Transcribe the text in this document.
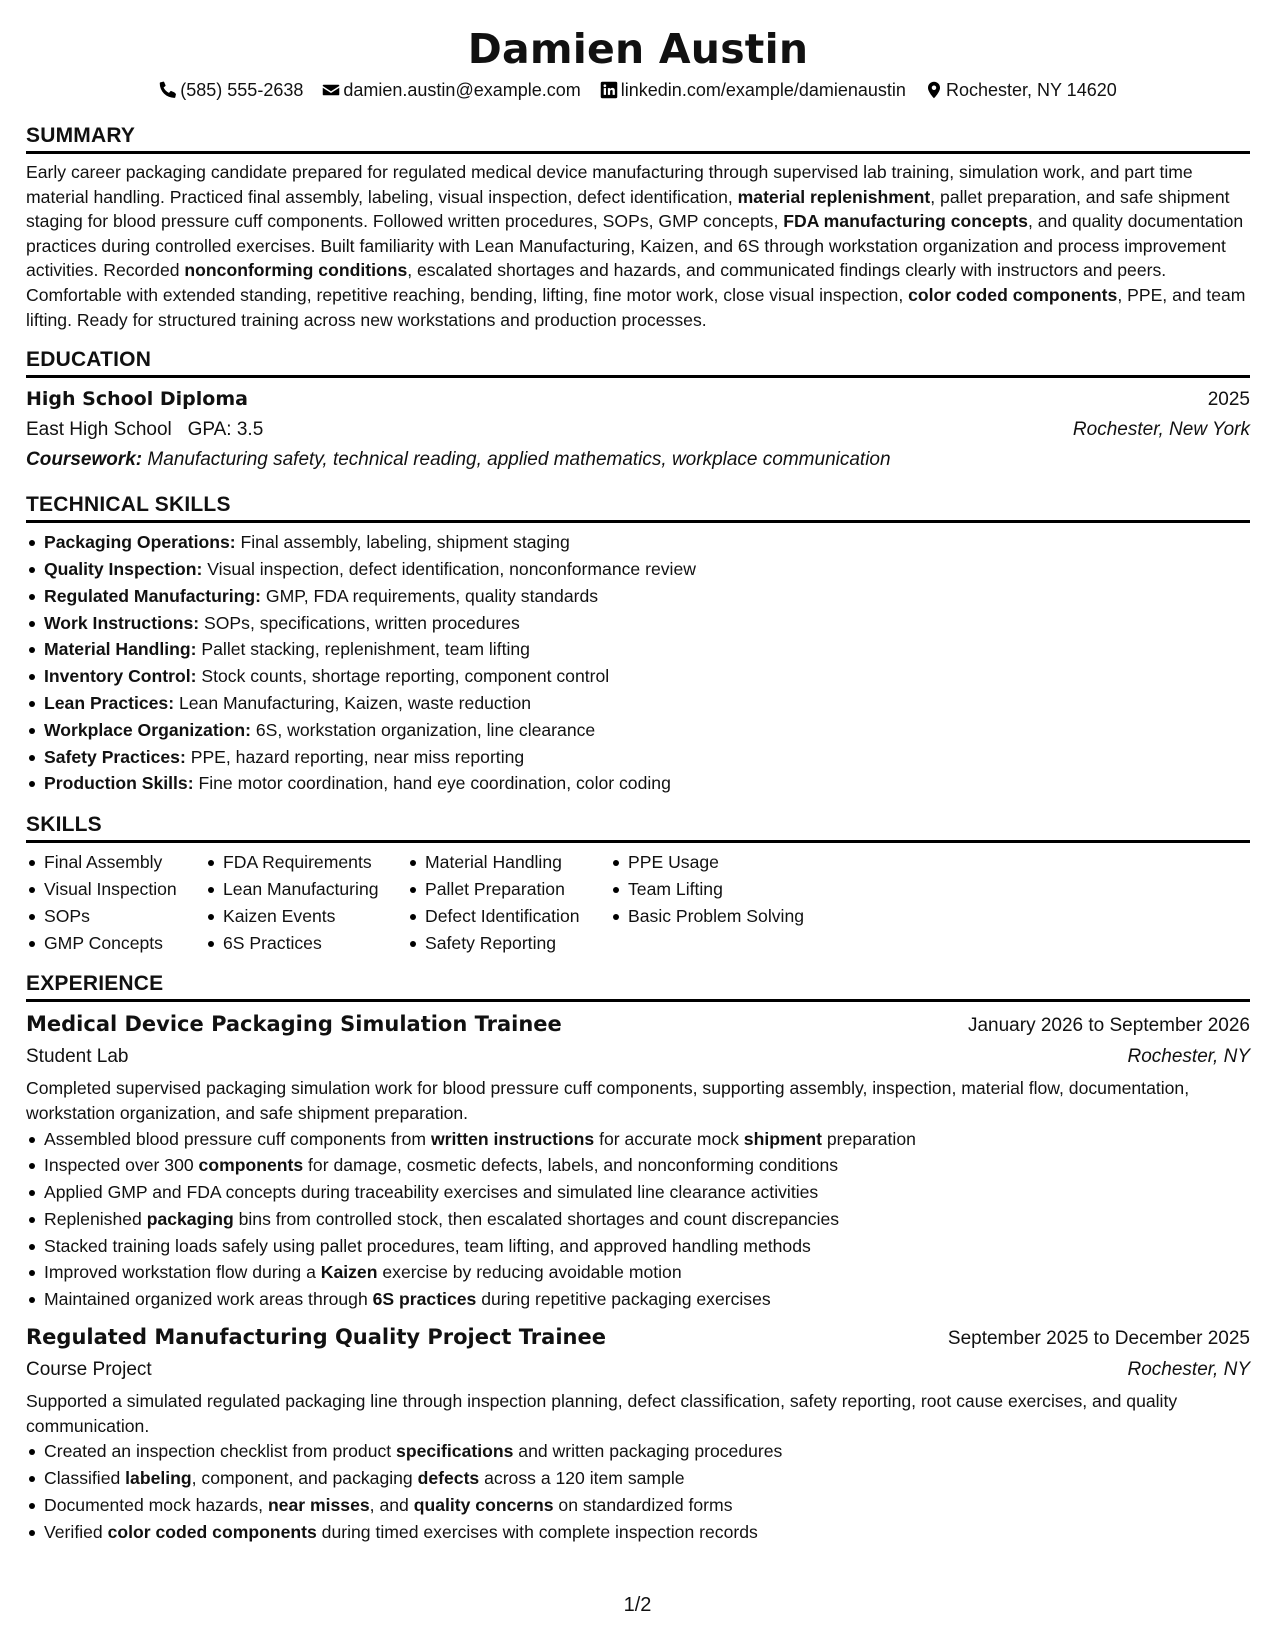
Damien Austin
(585) 555-2638 damien.austin@example.com linkedin.com/example/damienaustin Rochester, NY 14620
SUMMARY

Early career packaging candidate prepared for regulated medical device manufacturing through supervised lab training, simulation work, and part time material handling. Practiced final assembly, labeling, visual inspection, defect identification, material replenishment, pallet preparation, and safe shipment staging for blood pressure cuff components. Followed written procedures, SOPs, GMP concepts, FDA manufacturing concepts, and quality documentation practices during controlled exercises. Built familiarity with Lean Manufacturing, Kaizen, and 6S through workstation organization and process improvement activities. Recorded nonconforming conditions, escalated shortages and hazards, and communicated findings clearly with instructors and peers. Comfortable with extended standing, repetitive reaching, bending, lifting, fine motor work, close visual inspection, color coded components, PPE, and team lifting. Ready for structured training across new workstations and production processes.

EDUCATION
High School Diploma	2025
East High School GPA: 3.5	Rochester, New York
Coursework: Manufacturing safety, technical reading, applied mathematics, workplace communication
TECHNICAL SKILLS
Packaging Operations: Final assembly, labeling, shipment staging
Quality Inspection: Visual inspection, defect identification, nonconformance review
Regulated Manufacturing: GMP, FDA requirements, quality standards
Work Instructions: SOPs, specifications, written procedures
Material Handling: Pallet stacking, replenishment, team lifting
Inventory Control: Stock counts, shortage reporting, component control
Lean Practices: Lean Manufacturing, Kaizen, waste reduction
Workplace Organization: 6S, workstation organization, line clearance
Safety Practices: PPE, hazard reporting, near miss reporting
Production Skills: Fine motor coordination, hand eye coordination, color coding
SKILLS
Final Assembly
Visual Inspection
SOPs
GMP Concepts
FDA Requirements
Lean Manufacturing
Kaizen Events
6S Practices
Material Handling
Pallet Preparation
Defect Identification
Safety Reporting
PPE Usage
Team Lifting
Basic Problem Solving
EXPERIENCE
Medical Device Packaging Simulation Trainee	January 2026 to September 2026
Student Lab	Rochester, NY
Completed supervised packaging simulation work for blood pressure cuff components, supporting assembly, inspection, material flow, documentation, workstation organization, and safe shipment preparation.
Assembled blood pressure cuff components from written instructions for accurate mock shipment preparation
Inspected over 300 components for damage, cosmetic defects, labels, and nonconforming conditions
Applied GMP and FDA concepts during traceability exercises and simulated line clearance activities
Replenished packaging bins from controlled stock, then escalated shortages and count discrepancies
Stacked training loads safely using pallet procedures, team lifting, and approved handling methods
Improved workstation flow during a Kaizen exercise by reducing avoidable motion
Maintained organized work areas through 6S practices during repetitive packaging exercises
Regulated Manufacturing Quality Project Trainee	September 2025 to December 2025
Course Project	Rochester, NY
Supported a simulated regulated packaging line through inspection planning, defect classification, safety reporting, root cause exercises, and quality communication.
Created an inspection checklist from product specifications and written packaging procedures
Classified labeling, component, and packaging defects across a 120 item sample
Documented mock hazards, near misses, and quality concerns on standardized forms
Verified color coded components during timed exercises with complete inspection records
1/2
